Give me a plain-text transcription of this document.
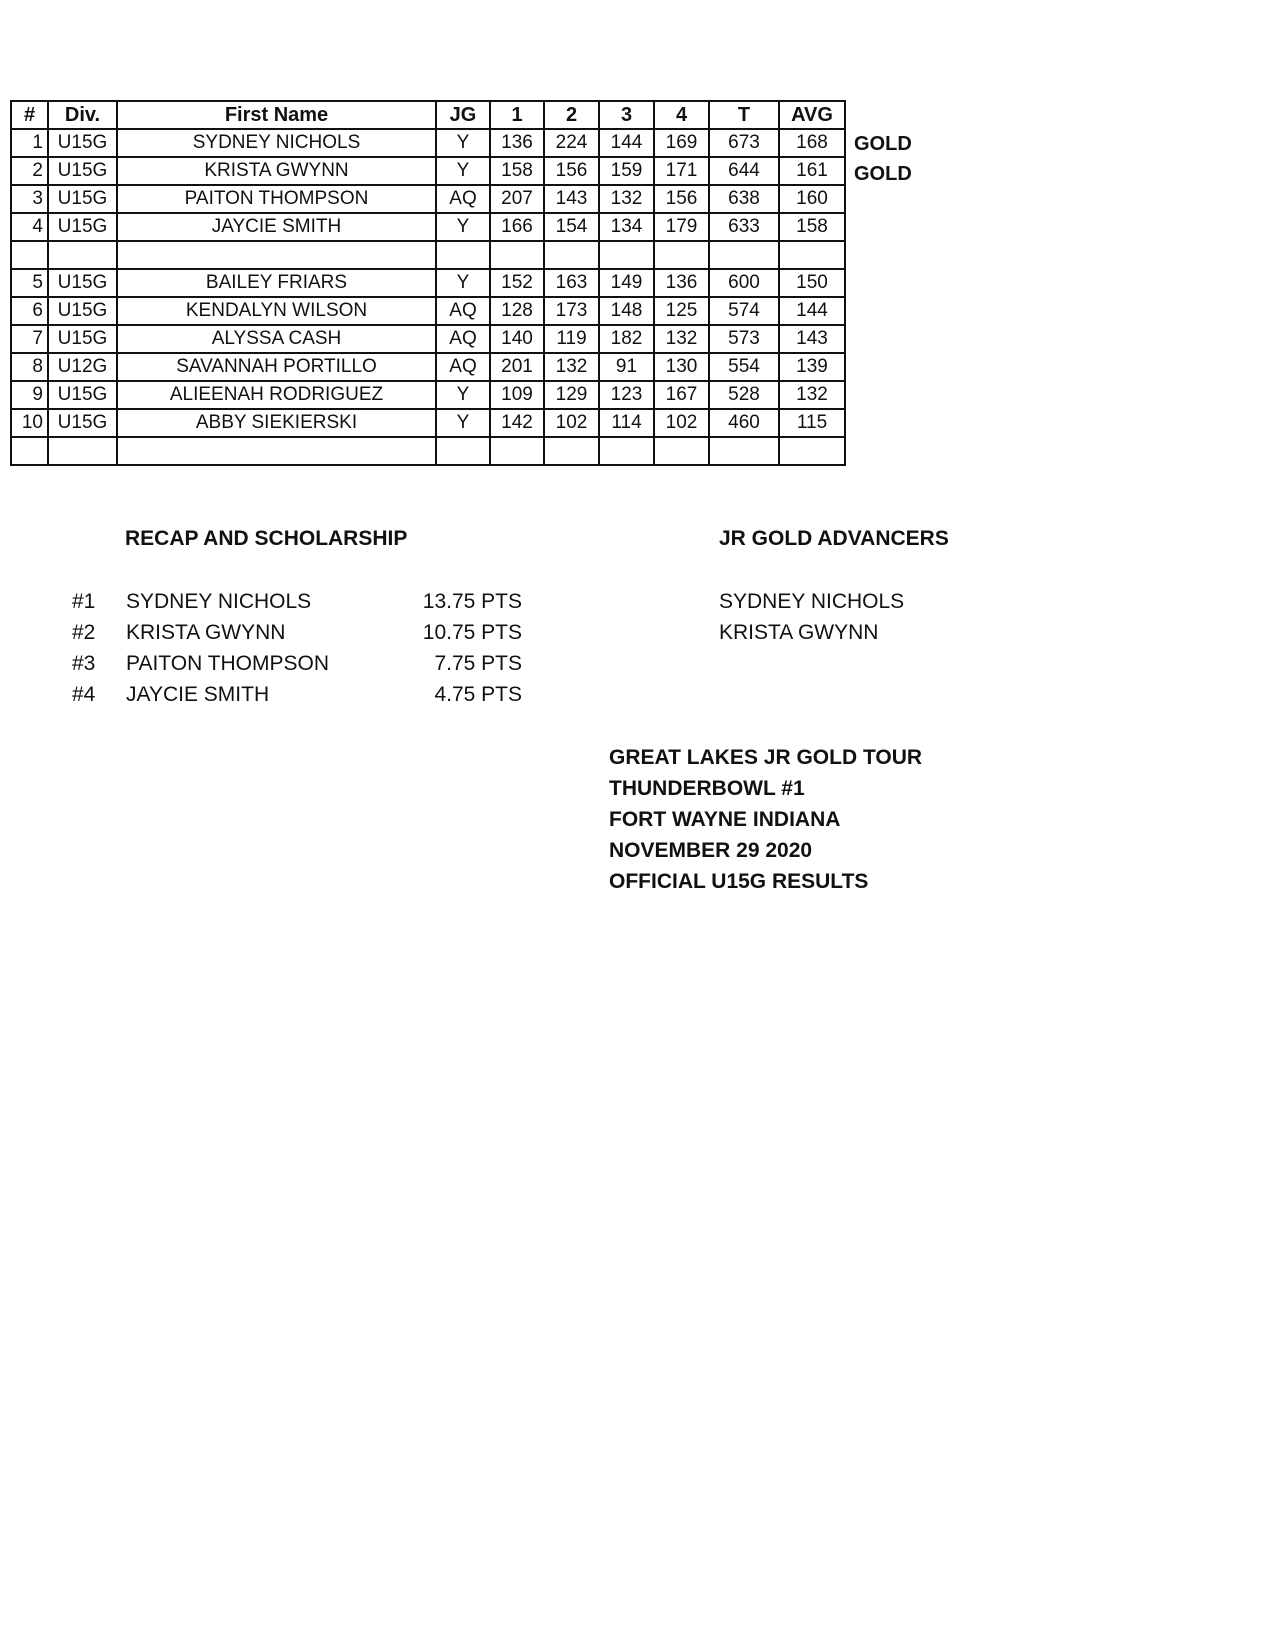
#	Div.	First Name	JG	1	2	3	4	T	AVG
1	U15G	SYDNEY NICHOLS	Y	136	224	144	169	673	168
2	U15G	KRISTA GWYNN	Y	158	156	159	171	644	161
3	U15G	PAITON THOMPSON	AQ	207	143	132	156	638	160
4	U15G	JAYCIE SMITH	Y	166	154	134	179	633	158

5	U15G	BAILEY FRIARS	Y	152	163	149	136	600	150
6	U15G	KENDALYN WILSON	AQ	128	173	148	125	574	144
7	U15G	ALYSSA CASH	AQ	140	119	182	132	573	143
8	U12G	SAVANNAH PORTILLO	AQ	201	132	91	130	554	139
9	U15G	ALIEENAH RODRIGUEZ	Y	109	129	123	167	528	132
10	U15G	ABBY SIEKIERSKI	Y	142	102	114	102	460	115

GOLD
GOLD
RECAP AND SCHOLARSHIP
#1 SYDNEY NICHOLS	13.75 PTS
#2 KRISTA GWYNN	10.75 PTS
#3 PAITON THOMPSON	7.75 PTS
#4 JAYCIE SMITH	4.75 PTS
JR GOLD ADVANCERS
SYDNEY NICHOLS
KRISTA GWYNN
GREAT LAKES JR GOLD TOUR
THUNDERBOWL #1
FORT WAYNE INDIANA
NOVEMBER 29 2020
OFFICIAL U15G RESULTS
